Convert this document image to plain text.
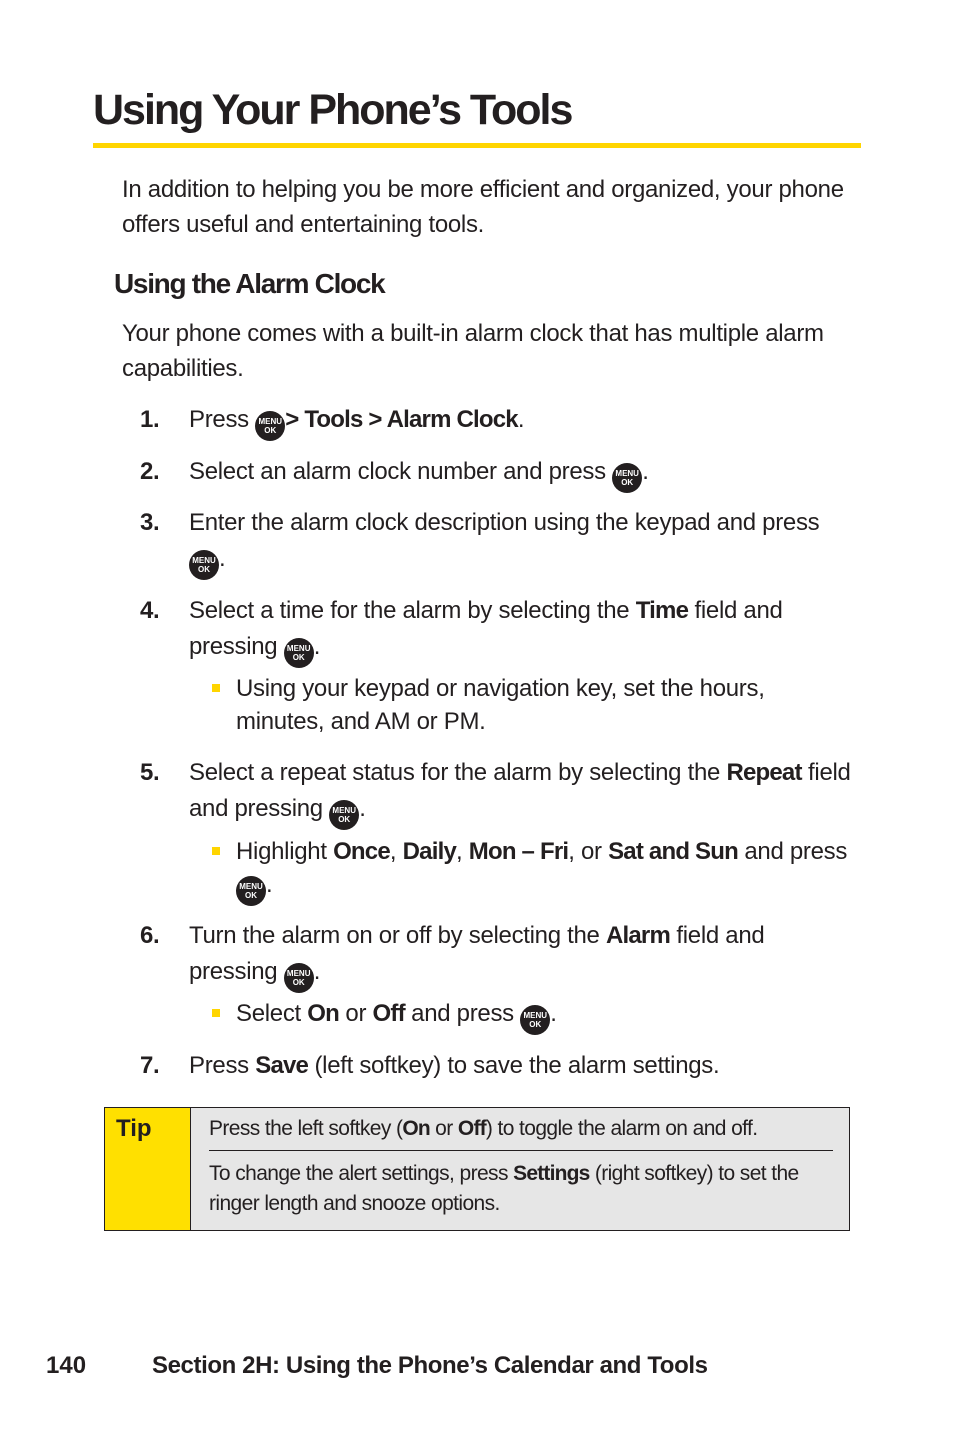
Using Your Phone’s Tools

In addition to helping you be more efficient and organized, your phone offers useful and entertaining tools.

Using the Alarm Clock

Your phone comes with a built-in alarm clock that has multiple alarm capabilities.

1. Press	MENU
OK > Tools > Alarm Clock.
2. Select an alarm clock number and press	MENU
OK .
3. Enter the alarm clock description using the keypad and press
MENU
OK .
4. Select a time for the alarm by selecting the Time field and pressing	MENU
OK .
Using your keypad or navigation key, set the hours, minutes, and AM or PM.
5. Select a repeat status for the alarm by selecting the Repeat field and pressing	MENU
OK .
Highlight Once, Daily, Mon – Fri, or Sat and Sun and press
MENU
OK .
6. Turn the alarm on or off by selecting the Alarm field and pressing	MENU
OK .
Select On or Off and press	MENU
OK .
7. Press Save (left softkey) to save the alarm settings.
Tip	Press the left softkey (On or Off) to toggle the alarm on and off.

To change the alert settings, press Settings (right softkey) to set the ringer length and snooze options.

140	Section 2H: Using the Phone’s Calendar and Tools
